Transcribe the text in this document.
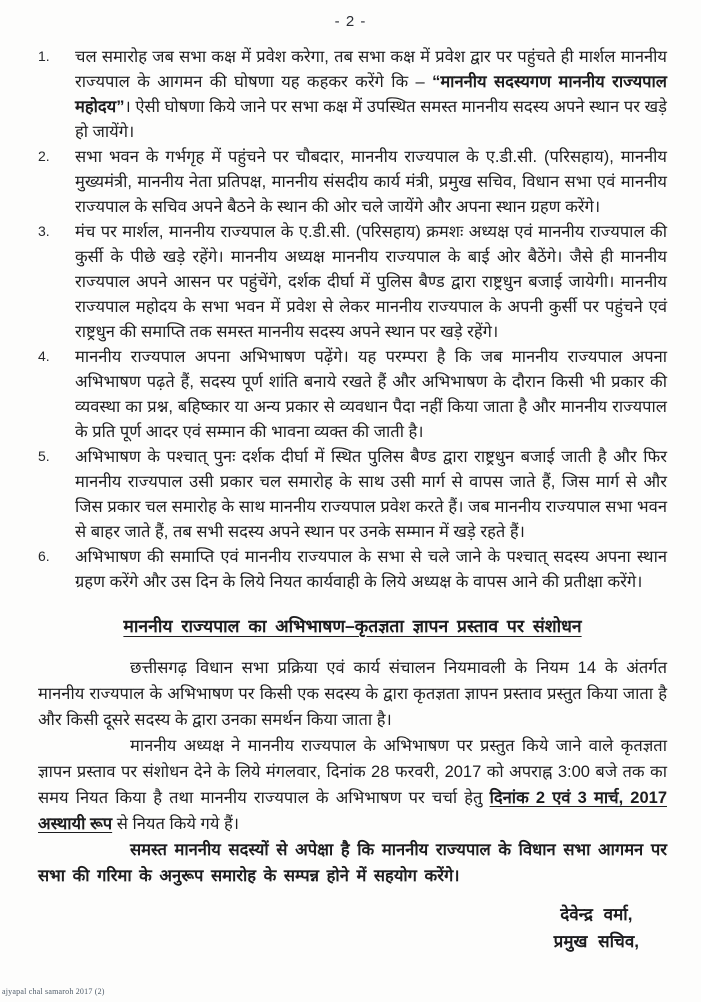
- 2 -
1.	चल समारोह जब सभा कक्ष में प्रवेश करेगा, तब सभा कक्ष में प्रवेश द्वार पर पहुंचते ही मार्शल माननीय राज्यपाल के आगमन की घोषणा यह कहकर करेंगे कि – “माननीय सदस्यगण माननीय राज्यपाल महोदय”। ऐसी घोषणा किये जाने पर सभा कक्ष में उपस्थित समस्त माननीय सदस्य अपने स्थान पर खड़े हो जायेंगे।
2.	सभा भवन के गर्भगृह में पहुंचने पर चौबदार, माननीय राज्यपाल के ए.डी.सी. (परिसहाय), माननीय मुख्यमंत्री, माननीय नेता प्रतिपक्ष, माननीय संसदीय कार्य मंत्री, प्रमुख सचिव, विधान सभा एवं माननीय राज्यपाल के सचिव अपने बैठने के स्थान की ओर चले जायेंगे और अपना स्थान ग्रहण करेंगे।
3.	मंच पर मार्शल, माननीय राज्यपाल के ए.डी.सी. (परिसहाय) क्रमशः अध्यक्ष एवं माननीय राज्यपाल की कुर्सी के पीछे खड़े रहेंगे। माननीय अध्यक्ष माननीय राज्यपाल के बाई ओर बैठेंगे। जैसे ही माननीय राज्यपाल अपने आसन पर पहुंचेंगे, दर्शक दीर्घा में पुलिस बैण्ड द्वारा राष्ट्रधुन बजाई जायेगी। माननीय राज्यपाल महोदय के सभा भवन में प्रवेश से लेकर माननीय राज्यपाल के अपनी कुर्सी पर पहुंचने एवं राष्ट्रधुन की समाप्ति तक समस्त माननीय सदस्य अपने स्थान पर खड़े रहेंगे।
4.	माननीय राज्यपाल अपना अभिभाषण पढ़ेंगे। यह परम्परा है कि जब माननीय राज्यपाल अपना अभिभाषण पढ़ते हैं, सदस्य पूर्ण शांति बनाये रखते हैं और अभिभाषण के दौरान किसी भी प्रकार की व्यवस्था का प्रश्न, बहिष्कार या अन्य प्रकार से व्यवधान पैदा नहीं किया जाता है और माननीय राज्यपाल के प्रति पूर्ण आदर एवं सम्मान की भावना व्यक्त की जाती है।
5.	अभिभाषण के पश्चात् पुनः दर्शक दीर्घा में स्थित पुलिस बैण्ड द्वारा राष्ट्रधुन बजाई जाती है और फिर माननीय राज्यपाल उसी प्रकार चल समारोह के साथ उसी मार्ग से वापस जाते हैं, जिस मार्ग से और जिस प्रकार चल समारोह के साथ माननीय राज्यपाल प्रवेश करते हैं। जब माननीय राज्यपाल सभा भवन से बाहर जाते हैं, तब सभी सदस्य अपने स्थान पर उनके सम्मान में खड़े रहते हैं।
6.	अभिभाषण की समाप्ति एवं माननीय राज्यपाल के सभा से चले जाने के पश्चात् सदस्य अपना स्थान ग्रहण करेंगे और उस दिन के लिये नियत कार्यवाही के लिये अध्यक्ष के वापस आने की प्रतीक्षा करेंगे।
माननीय राज्यपाल का अभिभाषण–कृतज्ञता ज्ञापन प्रस्ताव पर संशोधन

छत्तीसगढ़ विधान सभा प्रक्रिया एवं कार्य संचालन नियमावली के नियम 14 के अंतर्गत माननीय राज्यपाल के अभिभाषण पर किसी एक सदस्य के द्वारा कृतज्ञता ज्ञापन प्रस्ताव प्रस्तुत किया जाता है और किसी दूसरे सदस्य के द्वारा उनका समर्थन किया जाता है।

माननीय अध्यक्ष ने माननीय राज्यपाल के अभिभाषण पर प्रस्तुत किये जाने वाले कृतज्ञता ज्ञापन प्रस्ताव पर संशोधन देने के लिये मंगलवार, दिनांक 28 फरवरी, 2017 को अपराह्न 3:00 बजे तक का समय नियत किया है तथा माननीय राज्यपाल के अभिभाषण पर चर्चा हेतु दिनांक 2 एवं 3 मार्च, 2017 अस्थायी रूप से नियत किये गये हैं।

समस्त माननीय सदस्यों से अपेक्षा है कि माननीय राज्यपाल के विधान सभा आगमन पर सभा की गरिमा के अनुरूप समारोह के सम्पन्न होने में सहयोग करेंगे।

देवेन्द्र वर्मा,
प्रमुख सचिव,
ajyapal chal samaroh 2017 (2)
